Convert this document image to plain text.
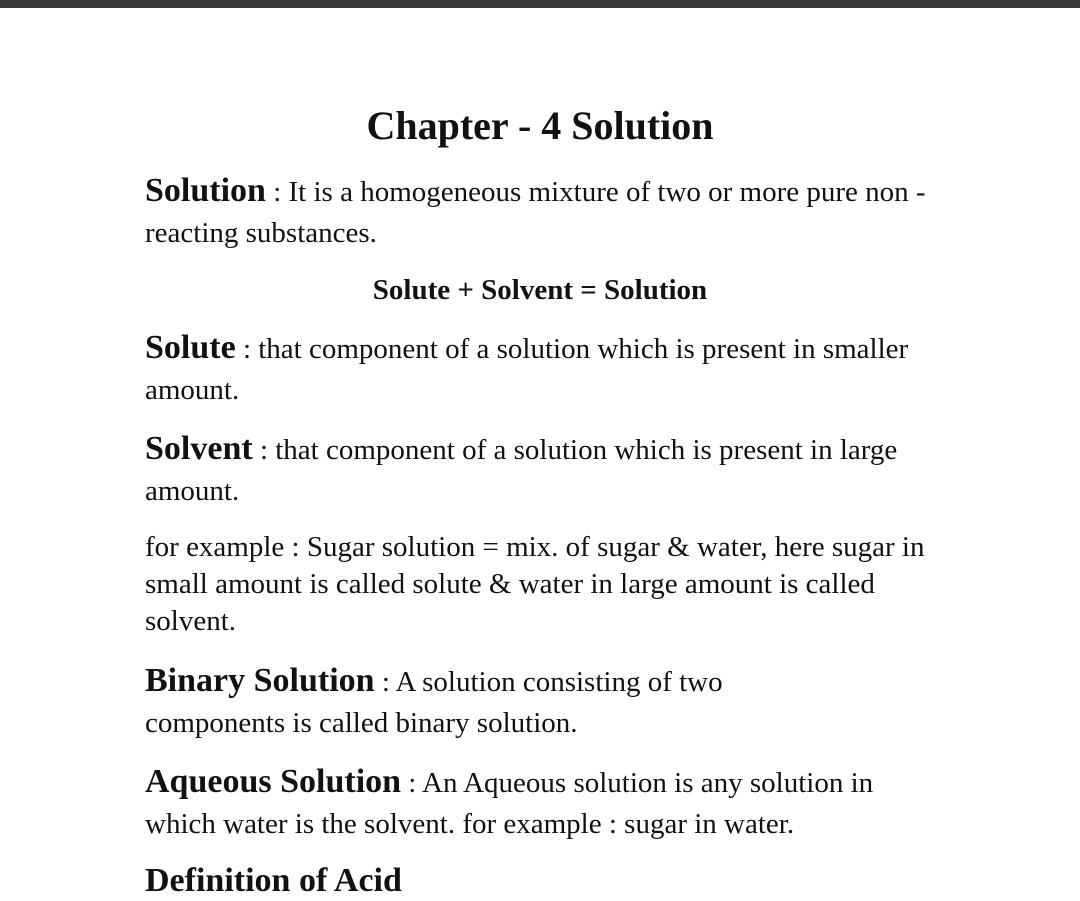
Chapter - 4 Solution

Solution : It is a homogeneous mixture of two or more pure non - reacting substances.

Solute + Solvent = Solution

Solute : that component of a solution which is present in smaller amount.

Solvent : that component of a solution which is present in large amount.

for example : Sugar solution = mix. of sugar & water, here sugar in small amount is called solute & water in large amount is called solvent.

Binary Solution : A solution consisting of two components is called binary solution.

Aqueous Solution : An Aqueous solution is any solution in which water is the solvent. for example : sugar in water.

Definition of Acid
